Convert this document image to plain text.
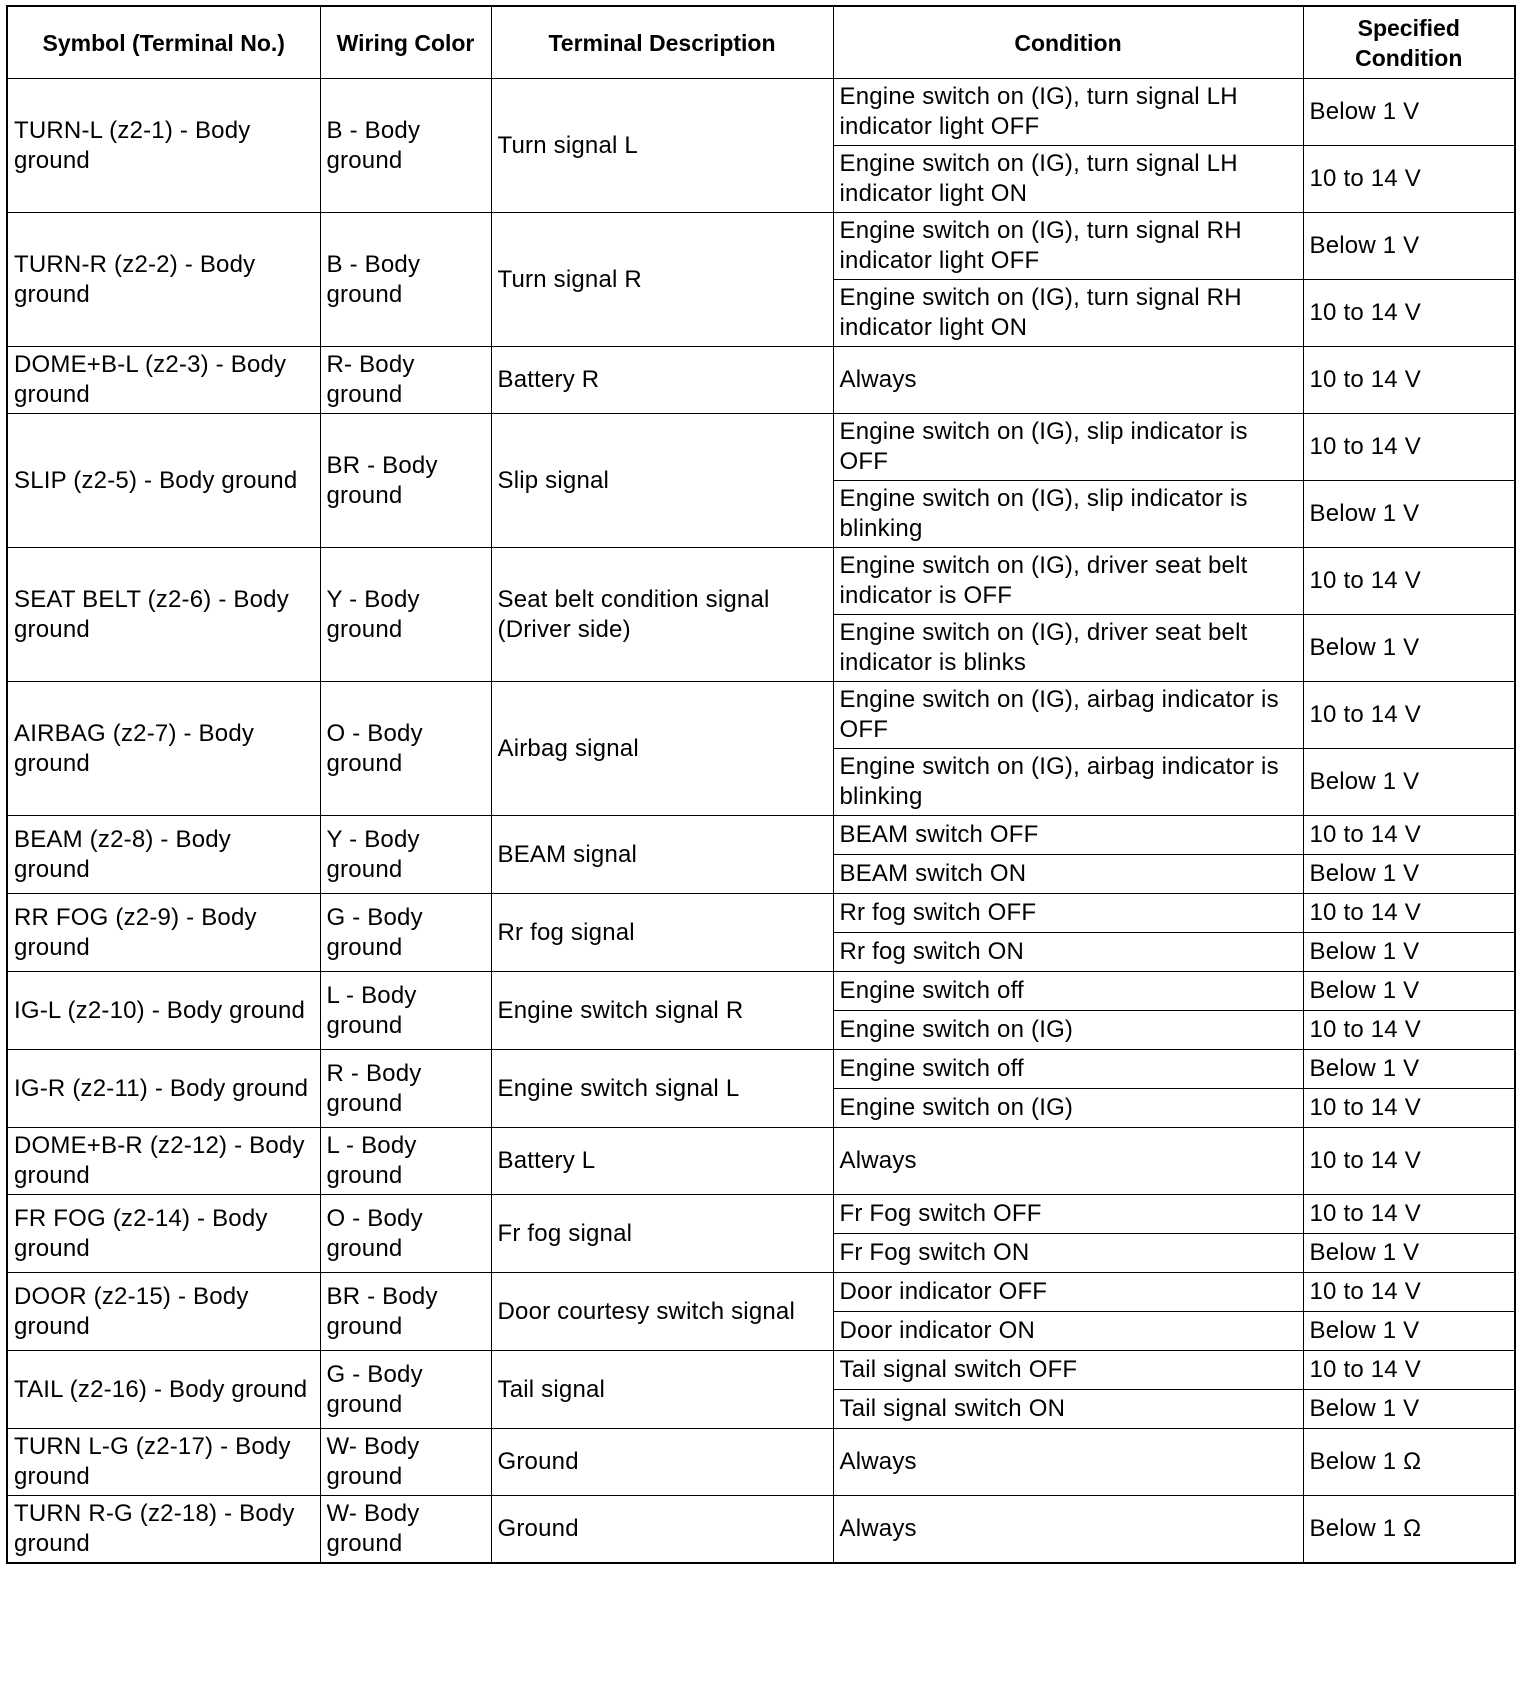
Symbol (Terminal No.)	Wiring Color	Terminal Description	Condition	Specified Condition
TURN-L (z2-1) - Body ground	B - Body ground	Turn signal L	Engine switch on (IG), turn signal LH indicator light OFF	Below 1 V
			Engine switch on (IG), turn signal LH indicator light ON	10 to 14 V
TURN-R (z2-2) - Body ground	B - Body ground	Turn signal R	Engine switch on (IG), turn signal RH indicator light OFF	Below 1 V
			Engine switch on (IG), turn signal RH indicator light ON	10 to 14 V
DOME+B-L (z2-3) - Body ground	R- Body ground	Battery R	Always	10 to 14 V
SLIP (z2-5) - Body ground	BR - Body ground	Slip signal	Engine switch on (IG), slip indicator is OFF	10 to 14 V
			Engine switch on (IG), slip indicator is blinking	Below 1 V
SEAT BELT (z2-6) - Body ground	Y - Body ground	Seat belt condition signal (Driver side)	Engine switch on (IG), driver seat belt indicator is OFF	10 to 14 V
			Engine switch on (IG), driver seat belt indicator is blinks	Below 1 V
AIRBAG (z2-7) - Body ground	O - Body ground	Airbag signal	Engine switch on (IG), airbag indicator is OFF	10 to 14 V
			Engine switch on (IG), airbag indicator is blinking	Below 1 V
BEAM (z2-8) - Body ground	Y - Body ground	BEAM signal	BEAM switch OFF	10 to 14 V
			BEAM switch ON	Below 1 V
RR FOG (z2-9) - Body ground	G - Body ground	Rr fog signal	Rr fog switch OFF	10 to 14 V
			Rr fog switch ON	Below 1 V
IG-L (z2-10) - Body ground	L - Body ground	Engine switch signal R	Engine switch off	Below 1 V
			Engine switch on (IG)	10 to 14 V
IG-R (z2-11) - Body ground	R - Body ground	Engine switch signal L	Engine switch off	Below 1 V
			Engine switch on (IG)	10 to 14 V
DOME+B-R (z2-12) - Body ground	L - Body ground	Battery L	Always	10 to 14 V
FR FOG (z2-14) - Body ground	O - Body ground	Fr fog signal	Fr Fog switch OFF	10 to 14 V
			Fr Fog switch ON	Below 1 V
DOOR (z2-15) - Body ground	BR - Body ground	Door courtesy switch signal	Door indicator OFF	10 to 14 V
			Door indicator ON	Below 1 V
TAIL (z2-16) - Body ground	G - Body ground	Tail signal	Tail signal switch OFF	10 to 14 V
			Tail signal switch ON	Below 1 V
TURN L-G (z2-17) - Body ground	W- Body ground	Ground	Always	Below 1 Ω
TURN R-G (z2-18) - Body ground	W- Body ground	Ground	Always	Below 1 Ω
